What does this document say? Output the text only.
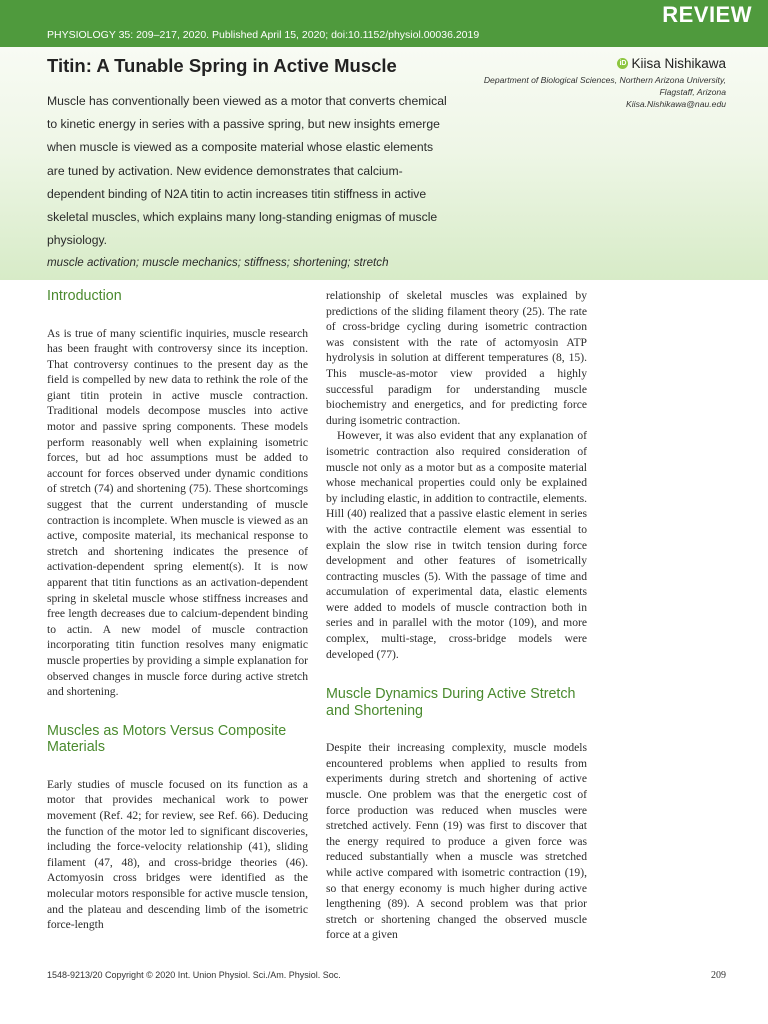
PHYSIOLOGY 35: 209–217, 2020. Published April 15, 2020; doi:10.1152/physiol.00036.2019
REVIEW
Titin: A Tunable Spring in Active Muscle	iD Kiisa Nishikawa
Department of Biological Sciences, Northern Arizona University,
Flagstaff, Arizona
Kiisa.Nishikawa@nau.edu

Muscle has conventionally been viewed as a motor that converts chemical to kinetic energy in series with a passive spring, but new insights emerge when muscle is viewed as a composite material whose elastic elements are tuned by activation. New evidence demonstrates that calcium-dependent binding of N2A titin to actin increases titin stiffness in active skeletal muscles, which explains many long-standing enigmas of muscle physiology.

muscle activation; muscle mechanics; stiffness; shortening; stretch

Introduction

As is true of many scientific inquiries, muscle research has been fraught with controversy since its inception. That controversy continues to the present day as the field is compelled by new data to rethink the role of the giant titin protein in active muscle contraction. Traditional models decompose muscles into active motor and passive spring components. These models perform reasonably well when explaining isometric forces, but ad hoc assumptions must be added to account for forces observed under dynamic conditions of stretch (74) and shortening (75). These shortcomings suggest that the current understanding of muscle contraction is incomplete. When muscle is viewed as an active, composite material, its mechanical response to stretch and shortening indicates the presence of activation-dependent spring element(s). It is now apparent that titin functions as an activation-dependent spring in skeletal muscle whose stiffness increases and free length decreases due to calcium-dependent binding to actin. A new model of muscle contraction incorporating titin function resolves many enigmatic muscle properties by providing a simple explanation for observed changes in muscle force during active stretch and shortening.

Muscles as Motors Versus Composite Materials

Early studies of muscle focused on its function as a motor that provides mechanical work to power movement (Ref. 42; for review, see Ref. 66). Deducing the function of the motor led to significant discoveries, including the force-velocity relationship (41), sliding filament (47, 48), and cross-bridge theories (46). Actomyosin cross bridges were identified as the molecular motors responsible for active muscle tension, and the plateau and descending limb of the isometric force-length

relationship of skeletal muscles was explained by predictions of the sliding filament theory (25). The rate of cross-bridge cycling during isometric contraction was consistent with the rate of actomyosin ATP hydrolysis in solution at different temperatures (8, 15). This muscle-as-motor view provided a highly successful paradigm for understanding muscle biochemistry and energetics, and for predicting force during isometric contraction.

However, it was also evident that any explanation of isometric contraction also required consideration of muscle not only as a motor but as a composite material whose mechanical properties could only be explained by including elastic, in addition to contractile, elements. Hill (40) realized that a passive elastic element in series with the active contractile element was essential to explain the slow rise in twitch tension during force development and other features of isometrically contracting muscles (5). With the passage of time and accumulation of experimental data, elastic elements were added to models of muscle contraction both in series and in parallel with the motor (109), and more complex, multi-stage, cross-bridge models were developed (77).

Muscle Dynamics During Active Stretch and Shortening

Despite their increasing complexity, muscle models encountered problems when applied to results from experiments during stretch and shortening of active muscle. One problem was that the energetic cost of force production was reduced when muscles were stretched actively. Fenn (19) was first to discover that the energy required to produce a given force was reduced substantially when a muscle was stretched while active compared with isometric contraction (19), so that energy economy is much higher during active lengthening (89). A second problem was that prior stretch or shortening changed the observed muscle force at a given

1548-9213/20 Copyright © 2020 Int. Union Physiol. Sci./Am. Physiol. Soc.	209
